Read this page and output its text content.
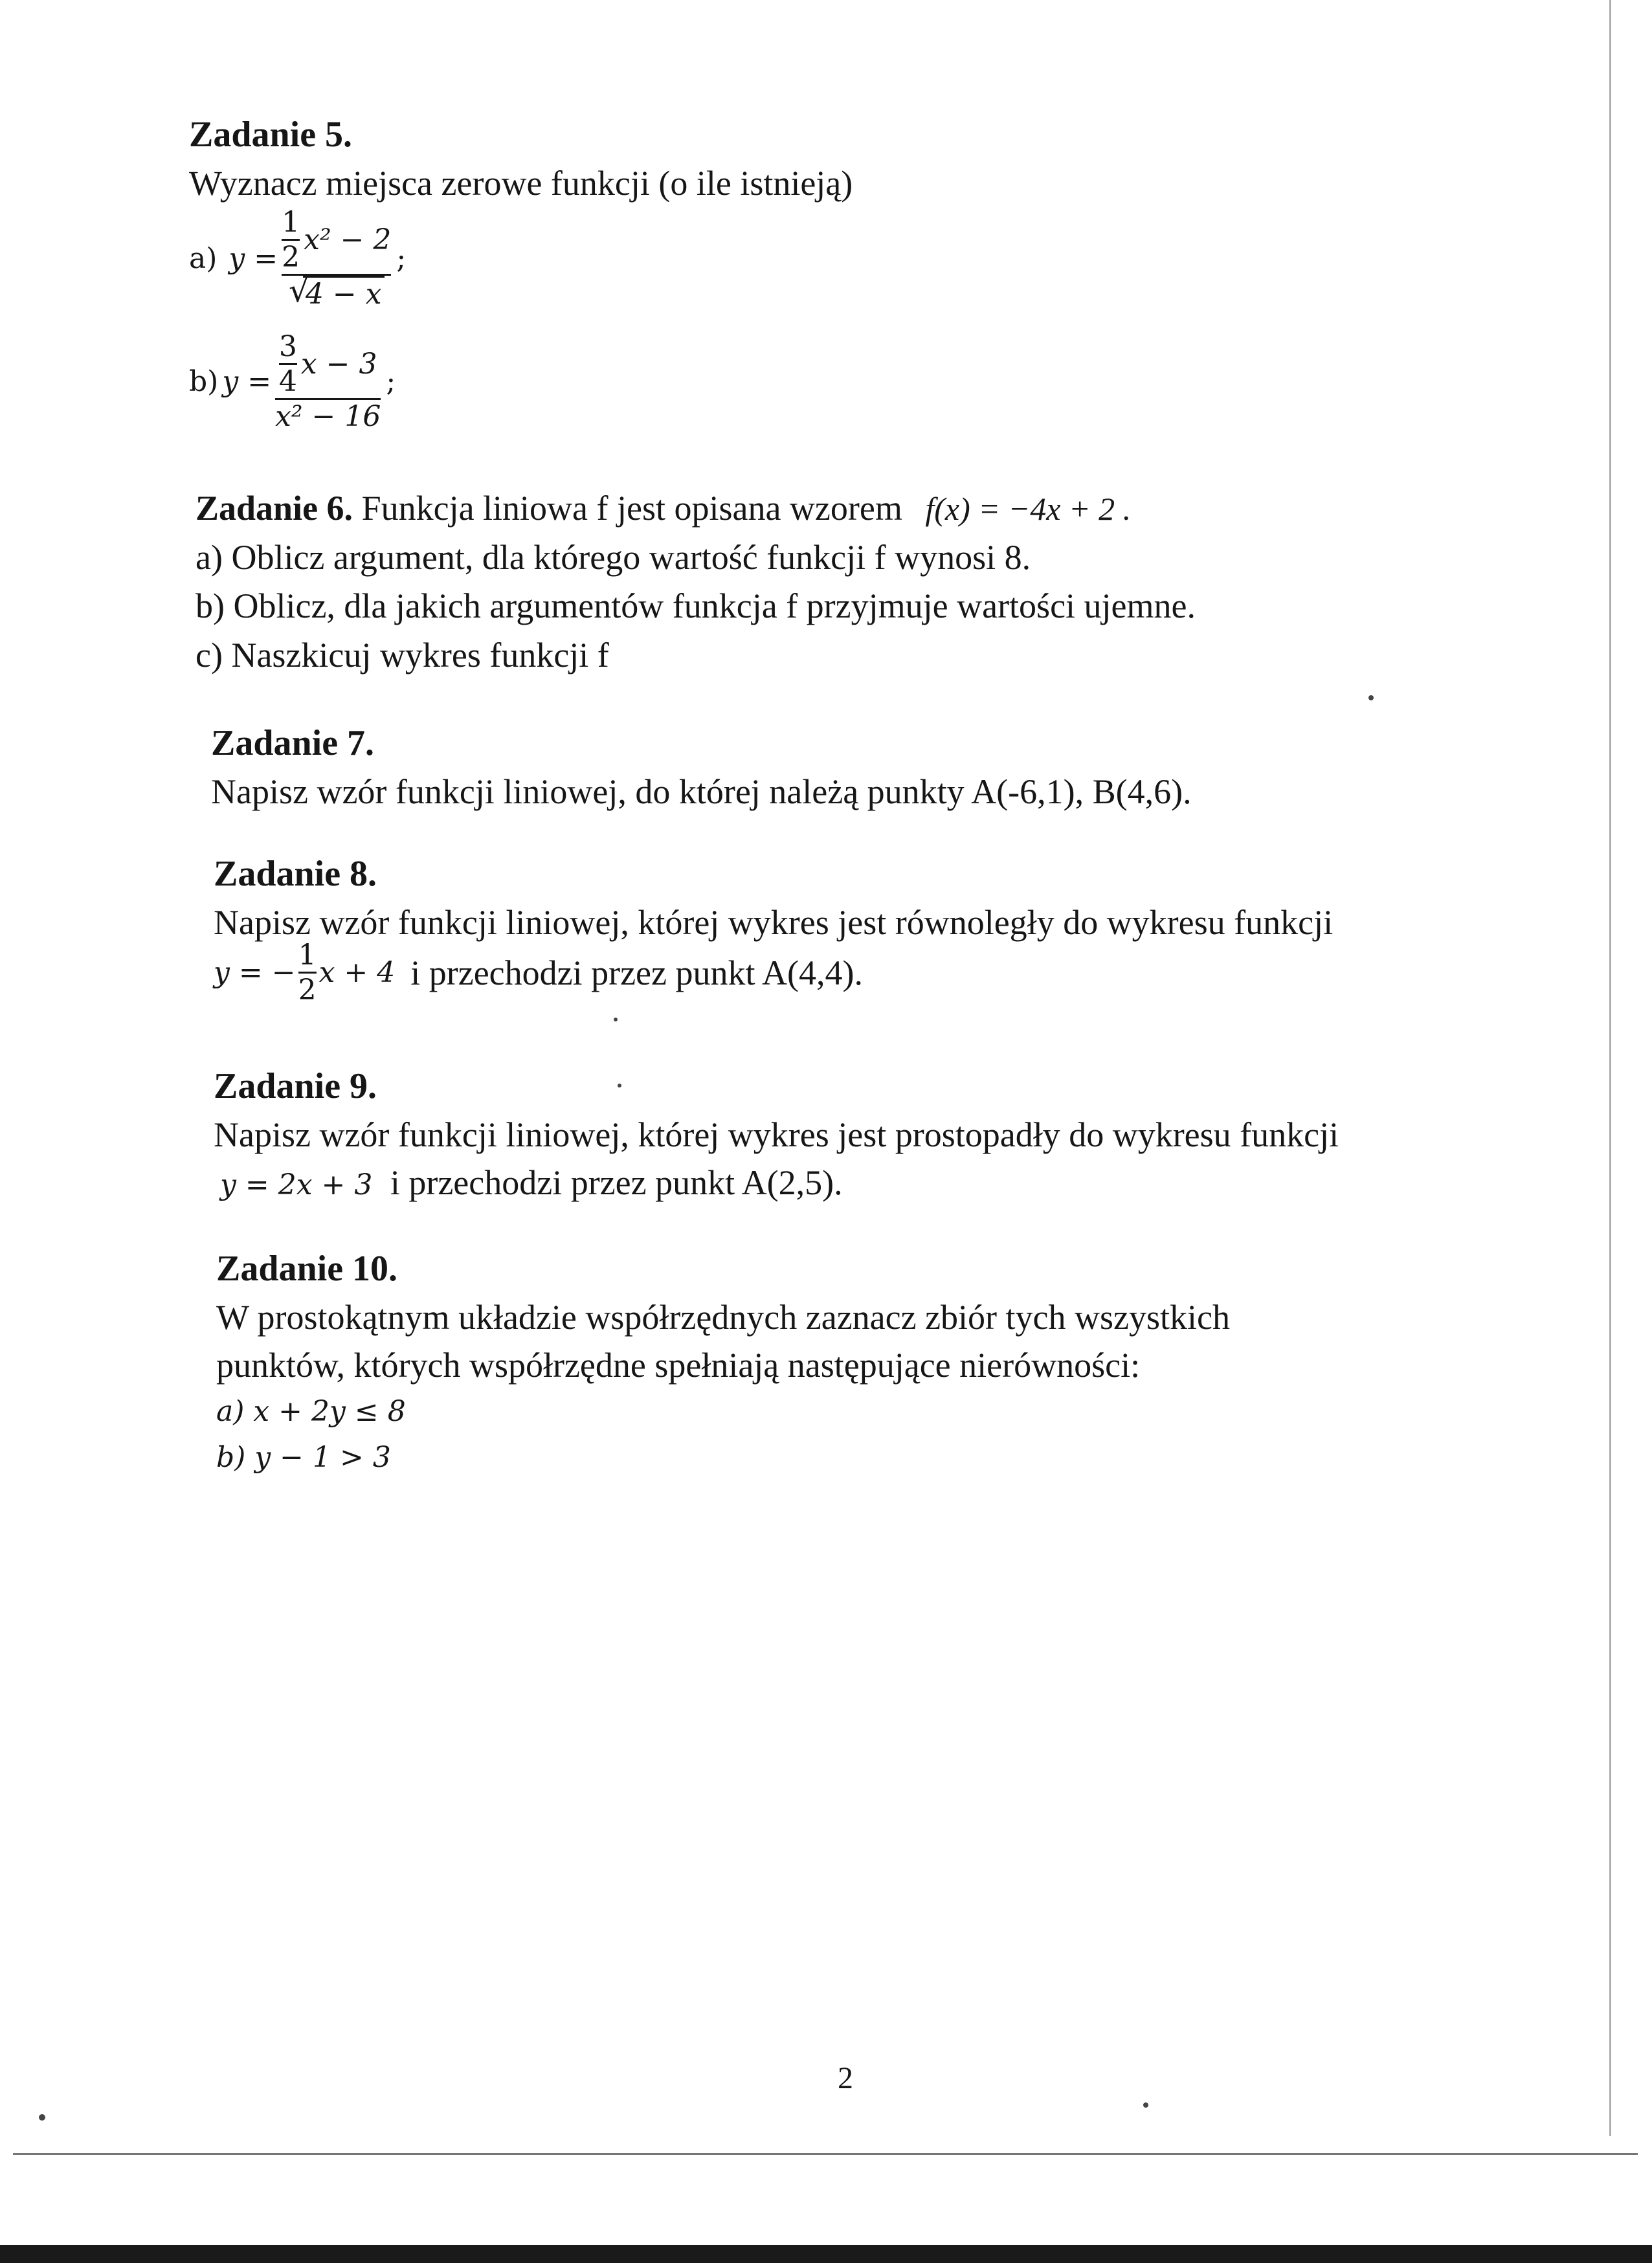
Zadanie 5.

Wyznacz miejsca zerowe funkcji (o ile istnieją)

a) $y = \frac{1}{2} x^2 - 2$
√
4 − x ;
b) $y = \frac{\frac{3}{4} x - 3}{\text{x² − 16}}$ ;

Zadanie 6. Funkcja liniowa f jest opisana wzorem f(x) = −4x + 2 .

a) Oblicz argument, dla którego wartość funkcji f wynosi 8.

b) Oblicz, dla jakich argumentów funkcja f przyjmuje wartości ujemne.

c) Naszkicuj wykres funkcji f

Zadanie 7.

Napisz wzór funkcji liniowej, do której należą punkty A(-6,1), B(4,6).

Zadanie 8.

Napisz wzór funkcji liniowej, której wykres jest równoległy do wykresu funkcji

y = − $\frac{1}{2}$ x + 4 i przechodzi przez punkt A(4,4).

Zadanie 9.

Napisz wzór funkcji liniowej, której wykres jest prostopadły do wykresu funkcji

y = 2x + 3 i przechodzi przez punkt A(2,5).

Zadanie 10.

W prostokątnym układzie współrzędnych zaznacz zbiór tych wszystkich

punktów, których współrzędne spełniają następujące nierówności:

a) x + 2y ≤ 8

b) y − 1 > 3

2
